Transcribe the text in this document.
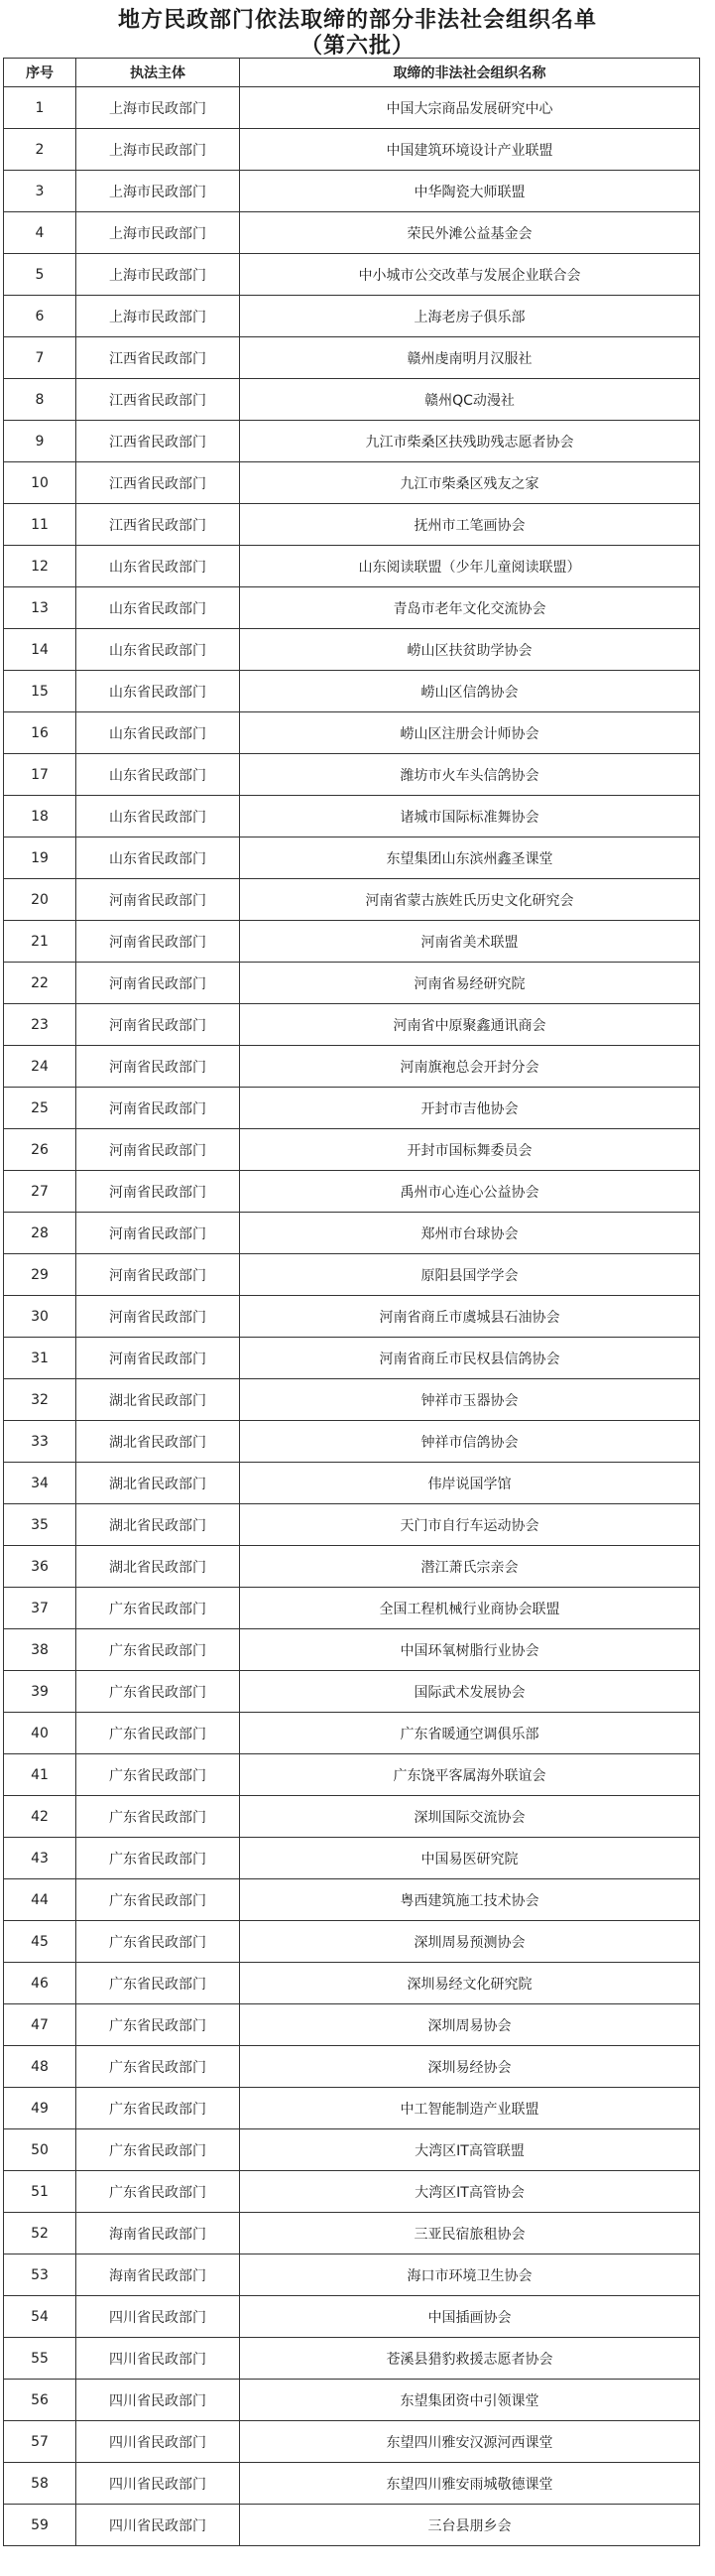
地方民政部门依法取缔的部分非法社会组织名单
（第六批）
序号	执法主体	取缔的非法社会组织名称
1	上海市民政部门	中国大宗商品发展研究中心
2	上海市民政部门	中国建筑环境设计产业联盟
3	上海市民政部门	中华陶瓷大师联盟
4	上海市民政部门	荣民外滩公益基金会
5	上海市民政部门	中小城市公交改革与发展企业联合会
6	上海市民政部门	上海老房子俱乐部
7	江西省民政部门	赣州虔南明月汉服社
8	江西省民政部门	赣州QC动漫社
9	江西省民政部门	九江市柴桑区扶残助残志愿者协会
10	江西省民政部门	九江市柴桑区残友之家
11	江西省民政部门	抚州市工笔画协会
12	山东省民政部门	山东阅读联盟（少年儿童阅读联盟）
13	山东省民政部门	青岛市老年文化交流协会
14	山东省民政部门	崂山区扶贫助学协会
15	山东省民政部门	崂山区信鸽协会
16	山东省民政部门	崂山区注册会计师协会
17	山东省民政部门	潍坊市火车头信鸽协会
18	山东省民政部门	诸城市国际标准舞协会
19	山东省民政部门	东望集团山东滨州鑫圣课堂
20	河南省民政部门	河南省蒙古族姓氏历史文化研究会
21	河南省民政部门	河南省美术联盟
22	河南省民政部门	河南省易经研究院
23	河南省民政部门	河南省中原聚鑫通讯商会
24	河南省民政部门	河南旗袍总会开封分会
25	河南省民政部门	开封市吉他协会
26	河南省民政部门	开封市国标舞委员会
27	河南省民政部门	禹州市心连心公益协会
28	河南省民政部门	郑州市台球协会
29	河南省民政部门	原阳县国学学会
30	河南省民政部门	河南省商丘市虞城县石油协会
31	河南省民政部门	河南省商丘市民权县信鸽协会
32	湖北省民政部门	钟祥市玉器协会
33	湖北省民政部门	钟祥市信鸽协会
34	湖北省民政部门	伟岸说国学馆
35	湖北省民政部门	天门市自行车运动协会
36	湖北省民政部门	潜江萧氏宗亲会
37	广东省民政部门	全国工程机械行业商协会联盟
38	广东省民政部门	中国环氧树脂行业协会
39	广东省民政部门	国际武术发展协会
40	广东省民政部门	广东省暖通空调俱乐部
41	广东省民政部门	广东饶平客属海外联谊会
42	广东省民政部门	深圳国际交流协会
43	广东省民政部门	中国易医研究院
44	广东省民政部门	粤西建筑施工技术协会
45	广东省民政部门	深圳周易预测协会
46	广东省民政部门	深圳易经文化研究院
47	广东省民政部门	深圳周易协会
48	广东省民政部门	深圳易经协会
49	广东省民政部门	中工智能制造产业联盟
50	广东省民政部门	大湾区IT高管联盟
51	广东省民政部门	大湾区IT高管协会
52	海南省民政部门	三亚民宿旅租协会
53	海南省民政部门	海口市环境卫生协会
54	四川省民政部门	中国插画协会
55	四川省民政部门	苍溪县猎豹救援志愿者协会
56	四川省民政部门	东望集团资中引领课堂
57	四川省民政部门	东望四川雅安汉源河西课堂
58	四川省民政部门	东望四川雅安雨城敬德课堂
59	四川省民政部门	三台县朋乡会
